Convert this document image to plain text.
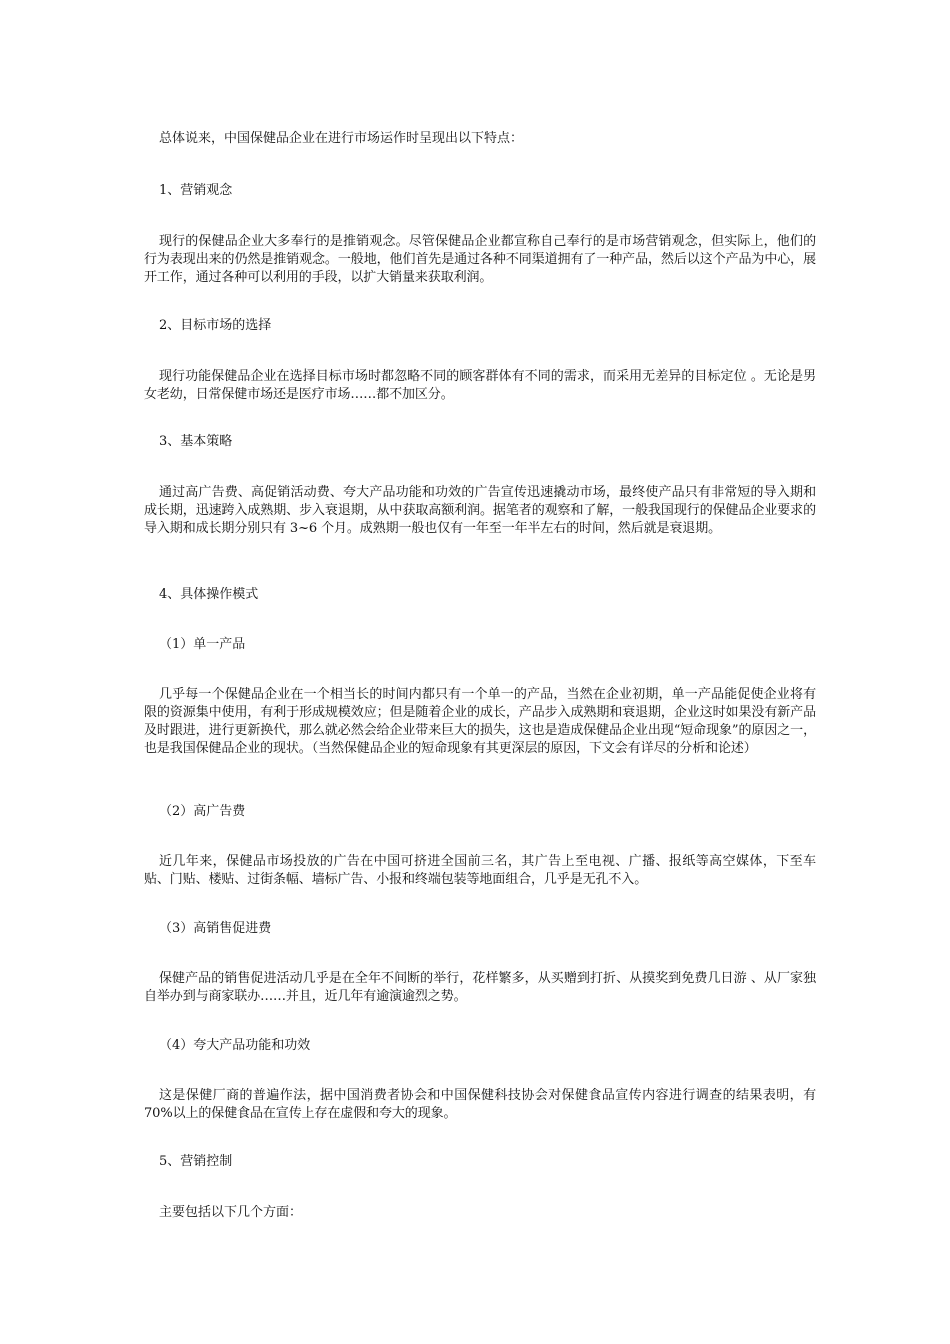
总体说来，中国保健品企业在进行市场运作时呈现出以下特点：

1、营销观念

现行的保健品企业大多奉行的是推销观念。尽管保健品企业都宣称自己奉行的是市场营销观念，但实际上，他们的行为表现出来的仍然是推销观念。一般地，他们首先是通过各种不同渠道拥有了一种产品，然后以这个产品为中心，展开工作，通过各种可以利用的手段，以扩大销量来获取利润。

2、目标市场的选择

现行功能保健品企业在选择目标市场时都忽略不同的顾客群体有不同的需求，而采用无差异的目标定位 。无论是男女老幼，日常保健市场还是医疗市场……都不加区分。

3、基本策略

通过高广告费、高促销活动费、夸大产品功能和功效的广告宣传迅速撬动市场，最终使产品只有非常短的导入期和成长期，迅速跨入成熟期、步入衰退期，从中获取高额利润。据笔者的观察和了解，一般我国现行的保健品企业要求的导入期和成长期分别只有 3~6 个月。成熟期一般也仅有一年至一年半左右的时间，然后就是衰退期。

4、具体操作模式

（1）单一产品

几乎每一个保健品企业在一个相当长的时间内都只有一个单一的产品，当然在企业初期，单一产品能促使企业将有限的资源集中使用，有利于形成规模效应；但是随着企业的成长，产品步入成熟期和衰退期，企业这时如果没有新产品及时跟进，进行更新换代，那么就必然会给企业带来巨大的损失，这也是造成保健品企业出现“短命现象”的原因之一，也是我国保健品企业的现状。（当然保健品企业的短命现象有其更深层的原因，下文会有详尽的分析和论述）

（2）高广告费

近几年来，保健品市场投放的广告在中国可挤进全国前三名，其广告上至电视、广播、报纸等高空媒体，下至车贴、门贴、楼贴、过街条幅、墙标广告、小报和终端包装等地面组合，几乎是无孔不入。

（3）高销售促进费

保健产品的销售促进活动几乎是在全年不间断的举行，花样繁多，从买赠到打折、从摸奖到免费几日游 、从厂家独自举办到与商家联办……并且，近几年有逾演逾烈之势。

（4）夸大产品功能和功效

这是保健厂商的普遍作法，据中国消费者协会和中国保健科技协会对保健食品宣传内容进行调查的结果表明，有 70%以上的保健食品在宣传上存在虚假和夸大的现象。

5、营销控制

主要包括以下几个方面：
